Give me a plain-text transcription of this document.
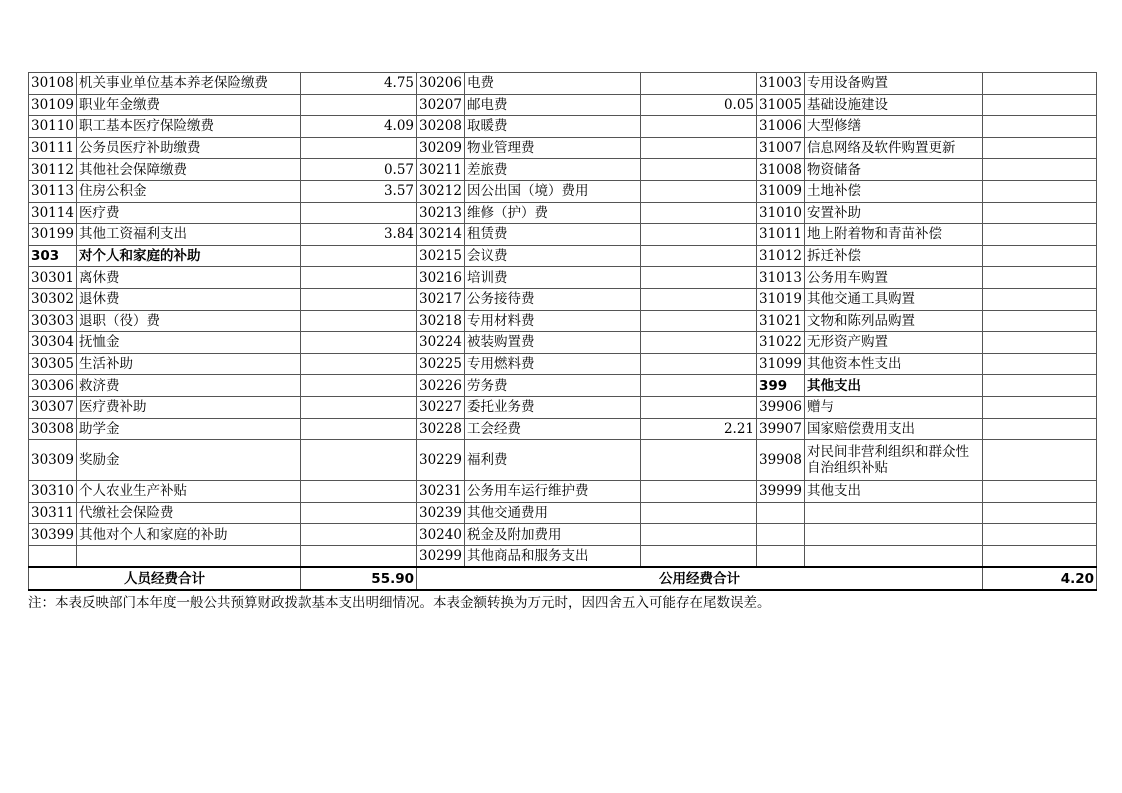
30108	机关事业单位基本养老保险缴费	4.75	30206	电费		31003	专用设备购置	
30109	职业年金缴费		30207	邮电费	0.05	31005	基础设施建设	
30110	职工基本医疗保险缴费	4.09	30208	取暖费		31006	大型修缮	
30111	公务员医疗补助缴费		30209	物业管理费		31007	信息网络及软件购置更新	
30112	其他社会保障缴费	0.57	30211	差旅费		31008	物资储备	
30113	住房公积金	3.57	30212	因公出国（境）费用		31009	土地补偿	
30114	医疗费		30213	维修（护）费		31010	安置补助	
30199	其他工资福利支出	3.84	30214	租赁费		31011	地上附着物和青苗补偿	
303	对个人和家庭的补助		30215	会议费		31012	拆迁补偿	
30301	离休费		30216	培训费		31013	公务用车购置	
30302	退休费		30217	公务接待费		31019	其他交通工具购置	
30303	退职（役）费		30218	专用材料费		31021	文物和陈列品购置	
30304	抚恤金		30224	被装购置费		31022	无形资产购置	
30305	生活补助		30225	专用燃料费		31099	其他资本性支出	
30306	救济费		30226	劳务费		399	其他支出	
30307	医疗费补助		30227	委托业务费		39906	赠与	
30308	助学金		30228	工会经费	2.21	39907	国家赔偿费用支出	
30309	奖励金		30229	福利费		39908	对民间非营利组织和群众性自治组织补贴	
30310	个人农业生产补贴		30231	公务用车运行维护费		39999	其他支出	
30311	代缴社会保险费		30239	其他交通费用				
30399	其他对个人和家庭的补助		30240	税金及附加费用				
			30299	其他商品和服务支出				
人员经费合计		55.90	公用经费合计					4.20
注：本表反映部门本年度一般公共预算财政拨款基本支出明细情况。本表金额转换为万元时，因四舍五入可能存在尾数误差。
